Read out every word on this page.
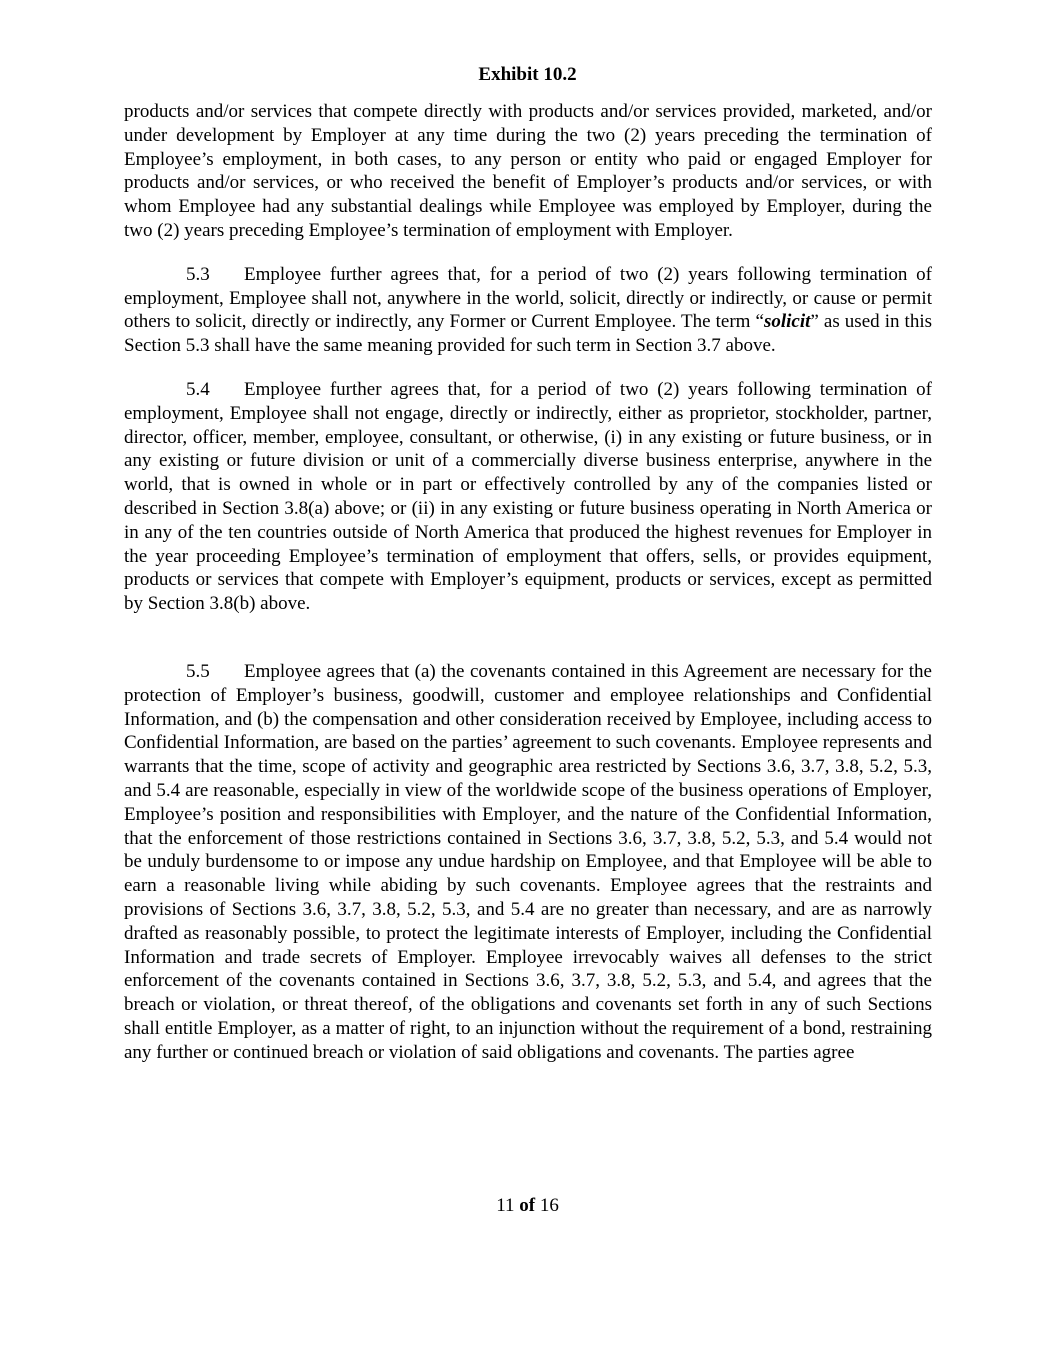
Exhibit 10.2

products and/or services that compete directly with products and/or services provided, marketed, and/or under development by Employer at any time during the two (2) years preceding the termination of Employee’s employment, in both cases, to any person or entity who paid or engaged Employer for products and/or services, or who received the benefit of Employer’s products and/or services, or with whom Employee had any substantial dealings while Employee was employed by Employer, during the two (2) years preceding Employee’s termination of employment with Employer.

5.3 Employee further agrees that, for a period of two (2) years following termination of employment, Employee shall not, anywhere in the world, solicit, directly or indirectly, or cause or permit others to solicit, directly or indirectly, any Former or Current Employee. The term “solicit” as used in this Section 5.3 shall have the same meaning provided for such term in Section 3.7 above.

5.4 Employee further agrees that, for a period of two (2) years following termination of employment, Employee shall not engage, directly or indirectly, either as proprietor, stockholder, partner, director, officer, member, employee, consultant, or otherwise, (i) in any existing or future business, or in any existing or future division or unit of a commercially diverse business enterprise, anywhere in the world, that is owned in whole or in part or effectively controlled by any of the companies listed or described in Section 3.8(a) above; or (ii) in any existing or future business operating in North America or in any of the ten countries outside of North America that produced the highest revenues for Employer in the year proceeding Employee’s termination of employment that offers, sells, or provides equipment, products or services that compete with Employer’s equipment, products or services, except as permitted by Section 3.8(b) above.

5.5 Employee agrees that (a) the covenants contained in this Agreement are necessary for the protection of Employer’s business, goodwill, customer and employee relationships and Confidential Information, and (b) the compensation and other consideration received by Employee, including access to Confidential Information, are based on the parties’ agreement to such covenants. Employee represents and warrants that the time, scope of activity and geographic area restricted by Sections 3.6, 3.7, 3.8, 5.2, 5.3, and 5.4 are reasonable, especially in view of the worldwide scope of the business operations of Employer, Employee’s position and responsibilities with Employer, and the nature of the Confidential Information, that the enforcement of those restrictions contained in Sections 3.6, 3.7, 3.8, 5.2, 5.3, and 5.4 would not be unduly burdensome to or impose any undue hardship on Employee, and that Employee will be able to earn a reasonable living while abiding by such covenants. Employee agrees that the restraints and provisions of Sections 3.6, 3.7, 3.8, 5.2, 5.3, and 5.4 are no greater than necessary, and are as narrowly drafted as reasonably possible, to protect the legitimate interests of Employer, including the Confidential Information and trade secrets of Employer. Employee irrevocably waives all defenses to the strict enforcement of the covenants contained in Sections 3.6, 3.7, 3.8, 5.2, 5.3, and 5.4, and agrees that the breach or violation, or threat thereof, of the obligations and covenants set forth in any of such Sections shall entitle Employer, as a matter of right, to an injunction without the requirement of a bond, restraining any further or continued breach or violation of said obligations and covenants. The parties agree

11 of 16
